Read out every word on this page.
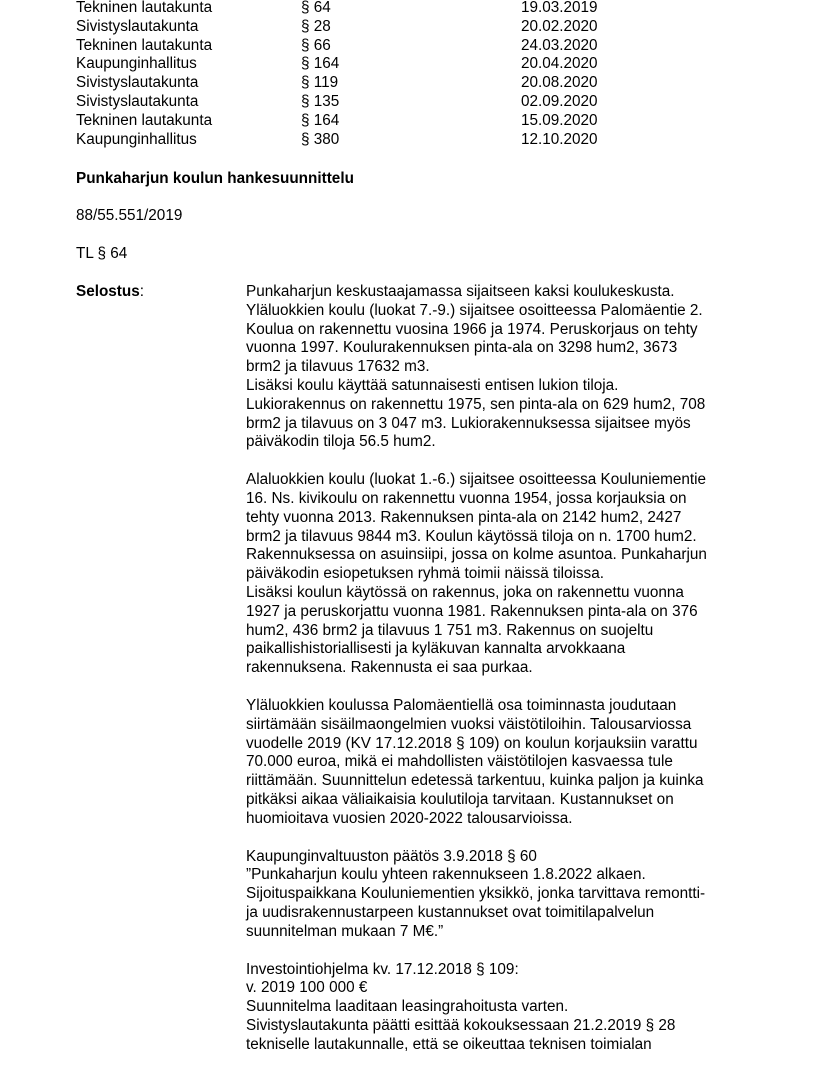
Tekninen lautakunta	§ 64	19.03.2019
Sivistyslautakunta	§ 28	20.02.2020
Tekninen lautakunta	§ 66	24.03.2020
Kaupunginhallitus	§ 164	20.04.2020
Sivistyslautakunta	§ 119	20.08.2020
Sivistyslautakunta	§ 135	02.09.2020
Tekninen lautakunta	§ 164	15.09.2020
Kaupunginhallitus	§ 380	12.10.2020
Punkaharjun koulun hankesuunnittelu
88/55.551/2019
TL § 64
Selostus:	Punkaharjun keskustaajamassa sijaitseen kaksi koulukeskusta.
Yläluokkien koulu (luokat 7.-9.) sijaitsee osoitteessa Palomäentie 2.
Koulua on rakennettu vuosina 1966 ja 1974. Peruskorjaus on tehty
vuonna 1997. Koulurakennuksen pinta-ala on 3298 hum2, 3673
brm2 ja tilavuus 17632 m3.
Lisäksi koulu käyttää satunnaisesti entisen lukion tiloja.
Lukiorakennus on rakennettu 1975, sen pinta-ala on 629 hum2, 708
brm2 ja tilavuus on 3 047 m3. Lukiorakennuksessa sijaitsee myös
päiväkodin tiloja 56.5 hum2.
Alaluokkien koulu (luokat 1.-6.) sijaitsee osoitteessa Kouluniementie
16. Ns. kivikoulu on rakennettu vuonna 1954, jossa korjauksia on
tehty vuonna 2013. Rakennuksen pinta-ala on 2142 hum2, 2427
brm2 ja tilavuus 9844 m3. Koulun käytössä tiloja on n. 1700 hum2.
Rakennuksessa on asuinsiipi, jossa on kolme asuntoa. Punkaharjun
päiväkodin esiopetuksen ryhmä toimii näissä tiloissa.
Lisäksi koulun käytössä on rakennus, joka on rakennettu vuonna
1927 ja peruskorjattu vuonna 1981. Rakennuksen pinta-ala on 376
hum2, 436 brm2 ja tilavuus 1 751 m3. Rakennus on suojeltu
paikallishistoriallisesti ja kyläkuvan kannalta arvokkaana
rakennuksena. Rakennusta ei saa purkaa.
Yläluokkien koulussa Palomäentiellä osa toiminnasta joudutaan
siirtämään sisäilmaongelmien vuoksi väistötiloihin. Talousarviossa
vuodelle 2019 (KV 17.12.2018 § 109) on koulun korjauksiin varattu
70.000 euroa, mikä ei mahdollisten väistötilojen kasvaessa tule
riittämään. Suunnittelun edetessä tarkentuu, kuinka paljon ja kuinka
pitkäksi aikaa väliaikaisia koulutiloja tarvitaan. Kustannukset on
huomioitava vuosien 2020-2022 talousarvioissa.
Kaupunginvaltuuston päätös 3.9.2018 § 60
”Punkaharjun koulu yhteen rakennukseen 1.8.2022 alkaen.
Sijoituspaikkana Kouluniementien yksikkö, jonka tarvittava remontti-
ja uudisrakennustarpeen kustannukset ovat toimitilapalvelun
suunnitelman mukaan 7 M€.”
Investointiohjelma kv. 17.12.2018 § 109:
v. 2019 100 000 €
Suunnitelma laaditaan leasingrahoitusta varten.
Sivistyslautakunta päätti esittää kokouksessaan 21.2.2019 § 28
tekniselle lautakunnalle, että se oikeuttaa teknisen toimialan
